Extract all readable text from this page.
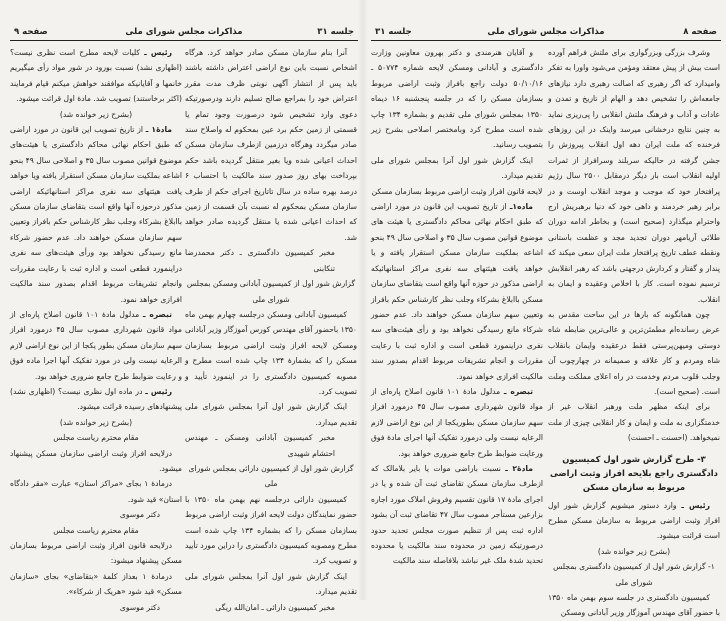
جلسه ۳۱
مذاکرات مجلس شورای ملی
صفحه ۹

آنرا بنام سازمان مسکن صادر خواهد کرد. هرگاه اشخاص نسبت باین نوع اراضی اعتراض داشته باشند باید پس از انتشار آگهی نوبتی ظرف مدت مقرر اعتراض خود را بمراجع صالح تسلیم دارند ودرصورتیکه دعوی وارد تشخیص شود درصورت وجود تمام یا قسمتی از زمین حکم برد عین بمحکوم له واصلاح سند صادر میگردد وهرگاه درزمین ازطرف سازمان مسکن احداث اعیانی شده ویا بغیر منتقل گردیده باشد حکم بپرداخت بهای روز صدور سند مالکیت با احتساب ۶ درصد بهره ساده در سال تاتاریخ اجرای حکم از طرف سازمان مسکن بمحکوم له نسبت بآن قسمت از زمین که احداث اعیانی شده یا منتقل گردیده صادر خواهد شد.

مخبر کمیسیون دادگستری ـ دکتر محمدرضا تنکابنی

گزارش شور اول از کمیسیون آبادانی ومسکن بمجلس شورای ملی

کمیسیون آبادانی ومسکن درجلسه چهارم بهمن ماه ۱۳۵۰ باحضور آقای مهندس کورس آموزگار وزیر آبادانی ومسکن لایحه افراز وثبت اراضی مربوط بسازمان مسکن را که بشمارهٔ ۱۳۴ چاپ شده است مطرح و مصوبه کمیسیون دادگستری را در اینمورد تأیید و تصویب کرد.

اینک گزارش شور اول آنرا بمجلس شورای ملی تقدیم میدارد.

مخبر کمیسیون آبادانی ومسکن ـ مهندس احتشام شهیدی

گزارش شور اول از کمیسیون دارائی بمجلس شورای ملی

کمیسیون دارائی درجلسه نهم بهمن ماه ۱۳۵۰ با حضور نمایندگان دولت لایحه افراز وثبت اراضی مربوط بسازمان مسکن را که بشماره ۱۳۴ چاپ شده است مطرح ومصوبه کمیسیون دادگستری را دراین مورد تأیید و تصویب کرد.

اینک گزارش شور اول آنرا بمجلس شورای ملی تقدیم میدارد.

مخبر کمیسیون دارائی ـ امان‌الله ریگی

رئیس ـ کلیات لایحه مطرح است نظری نیست؟ (اظهاری نشد) نسبت بورود در شور مواد رأی میگیریم خانمها و آقایانیکه موافقند خواهش میکنم قیام فرمایند (اکثر برخاستند) تصویب شد. مادهٔ اول قرائت میشود.

(بشرح زیر خوانده شد)

مادهٔ۱ ـ از تاریخ تصویب این قانون در مورد اراضی که طبق احکام نهائی محاکم دادگستری یا هیئت‌های موضوع قوانین مصوب سال ۳۵ و اصلاحی سال ۴۹ بنحو اشاعه بملکیت سازمان مسکن استقرار یافته ویا خواهد یافت هیئتهای سه نفری مراکز استانهائیکه اراضی مذکور درحوزه آنها واقع است بتقاضای سازمان مسکن باابلاغ بشرکاء وجلب نظر کارشناس حکم بافراز وتعیین سهم سازمان مسکن خواهند داد. عدم حضور شرکاء مانع رسیدگی نخواهد بود ورأی هیئت‌های سه نفری دراینمورد قطعی است و اداره ثبت با رعایت مقررات وانجام تشریفات مربوط اقدام بصدور سند مالکیت افرازی خواهد نمود.

تبصره ـ مدلول مادهٔ ۱۰۱ قانون اصلاح پاره‌ای از مواد قانون شهرداری مصوب سال ۴۵ درمورد افراز سهم سازمان مسکن بطور یکجا از این نوع اراضی لازم الرعایه نیست ولی در مورد تفکیک آنها اجرا ماده فوق و رعایت ضوابط طرح جامع ضروری خواهد بود.

رئیس ـ در ماده اول نظری نیست؟ (اظهاری نشد) پیشنهادهای رسیده قرائت میشود.

(بشرح زیر خوانده شد)

مقام محترم ریاست مجلس

درلایحه افراز وثبت اراضی سازمان مسکن پیشنهاد میشود.

درمادهٔ ۱ بجای «مراکز استان» عبارت «مقر دادگاه استان» قید شود.

دکتر موسوی

مقام محترم ریاست مجلس

درلایحه قانون افراز وثبت اراضی مربوط بسازمان مسکن پیشنهاد میشود:

درمادهٔ ۱ بعداز کلمهٔ «بتقاضای» بجای «سازمان مسکن» قید شود «هریک از شرکاء».

دکتر موسوی

صفحه ۸
مذاکرات مجلس شورای ملی
جلسه ۳۱

وشرف بزرگی وبزرگواری برای ملتش فراهم آورده است بیش از پیش معتقد ومؤمن می‌شود واورا به تفکر وامیدارد که اگر رهبری که اصالت رهبری دارد نیازهای جامعه‌اش را تشخیص دهد و الهام از تاریخ و تمدن و عادات و آداب و فرهنگ ملتش انقلابی را پی‌ریزی نماید به چنین نتایج درخشانی میرسد واینک در این روزهای فرخنده که ملت ایران دهه اول انقلاب پیروزش را جشن گرفته در حالیکه سربلند وسرافراز از ثمرات اولیه انقلاب است بار دیگر درمقابل ۲۵۰۰ سال رژیم پرافتخار خود که موجب و موجد انقلاب اوست و در برابر رهبر خردمند و داهی خود که دنیا برهبریش ارج واحترام میگذارد (صحیح است) و بخاطر ادامه دوران طلائی آریامهر دوران تجدید مجد و عظمت باستانی ونقطه عطف تاریخ پرافتخار ملت ایران سعی میکند که پندار و گفتار و کردارش درجهتی باشد که رهبر انقلابش ترسیم نموده است. کار با اخلاص وعقیده و ایمان به انقلاب.

چون همانگونه که بارها در این ساحت مقدس به عرض رسانده‌ام مطمئن‌ترین و عالی‌ترین ضابطه شاه دوستی ومیهن‌پرستی فقط درعقیده وایمان بانقلاب شاه ومردم و کار علاقه و صمیمانه در چهارچوب آن وجلب قلوب مردم وخدمت در راه اعلای مملکت وملت است. (صحیح است).

برای اینکه مظهر ملت ورهبر انقلاب غیر از خدمتگزاری به ملت و ایمان و کار انقلابی چیزی از ملت نمیخواهد. (احسنت ـ احسنت)

۳- طرح گزارش شور اول کمیسیون دادگستری راجع بلایحه افراز وثبت اراضی مربوط به سازمان مسکن

رئیس ـ وارد دستور میشویم گزارش شور اول افراز وثبت اراضی مربوط به سازمان مسکن مطرح است قرائت میشود.

(بشرح زیر خوانده شد)

۱- گزارش شور اول از کمیسیون دادگستری بمجلس شورای ملی

کمیسیون دادگستری در جلسه سوم بهمن ماه ۱۳۵۰ با حضور آقای مهندس آموزگار وزیر آبادانی ومسکن

و آقایان هنرمندی و دکتر بهرون معاونین وزارت دادگستری و آبادانی ومسکن لایحه شماره ۵۰۷۷۴ ـ ۵۰/۱۰/۱۶ دولت راجع بافراز وثبت اراضی مربوط بسازمان مسکن را که در جلسه پنجشنبه ۱۶ دیماه ۱۳۵۰ بمجلس شورای ملی تقدیم و بشماره ۱۳۴ چاپ شده است مطرح کرد وبامختصر اصلاحی بشرح زیر بتصویب رسانید.

اینک گزارش شور اول آنرا بمجلس شورای ملی تقدیم میدارد.

لایحه قانون افراز وثبت اراضی مربوط بسازمان مسکن

ماده۱ـ از تاریخ تصویب این قانون در مورد اراضی که طبق احکام نهائی محاکم دادگستری یا هیئت های موضوع قوانین مصوب سال ۳۵ و اصلاحی سال ۴۹ بنحو اشاعه بملکیت سازمان مسکن استقرار یافته و یا خواهد یافت هیئتهای سه نفری مراکز استانهائیکه اراضی مذکور در حوزه آنها واقع است بتقاضای سازمان مسکن باابلاغ بشرکاء وجلب نظر کارشناس حکم بافراز وتعیین سهم سازمان مسکن خواهند داد. عدم حضور شرکاء مانع رسیدگی نخواهد بود و رأی هیئت‌های سه نفری دراینمورد قطعی است و اداره ثبت با رعایت مقررات و انجام تشریفات مربوط اقدام بصدور سند مالکیت افرازی خواهد نمود.

تبصره ـ مدلول مادهٔ ۱۰۱ قانون اصلاح پاره‌ای از مواد قانون شهرداری مصوب سال ۴۵ درمورد افراز سهم سازمان مسکن بطوریکجا از این نوع اراضی لازم الرعایه نیست ولی درمورد تفکیک آنها اجرای مادهٔ فوق ورعایت ضوابط طرح جامع ضروری خواهد بود.

مادهٔ۲ ـ نسبت باراضی موات یا بایر بلامالک که ازطرف سازمان مسکن تقاضای ثبت آن شده و یا در اجرای مادهٔ ۱۷ قانون تقسیم وفروش املاک مورد اجاره بزارعین مستأجر مصوب سال ۴۷ تقاضای ثبت آن بشود اداره ثبت پس از تنظیم صورت مجلس تحدید حدود درصورتیکه زمین در محدوده سند مالکیت یا محدوده تحدید شدهٔ ملک غیر نباشد بلافاصله سند مالکیت
